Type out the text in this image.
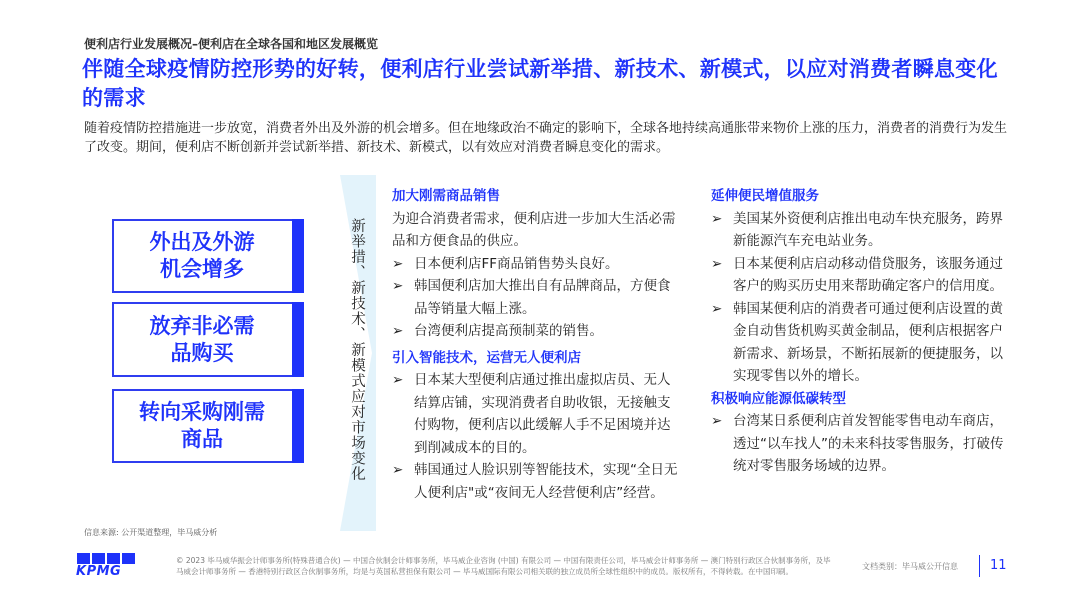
便利店行业发展概况–便利店在全球各国和地区发展概览
伴随全球疫情防控形势的好转，便利店行业尝试新举措、新技术、新模式，以应对消费者瞬息变化的需求
随着疫情防控措施进一步放宽，消费者外出及外游的机会增多。但在地缘政治不确定的影响下，全球各地持续高通胀带来物价上涨的压力，消费者的消费行为发生了改变。期间，便利店不断创新并尝试新举措、新技术、新模式，以有效应对消费者瞬息变化的需求。
新举措、新技术、新模式应对市场变化
外出及外游
机会增多
放弃非必需
品购买
转向采购刚需
商品
加大刚需商品销售
为迎合消费者需求，便利店进一步加大生活必需品和方便食品的供应。
➢ 日本便利店FF商品销售势头良好。
➢ 韩国便利店加大推出自有品牌商品，方便食品等销量大幅上涨。
➢ 台湾便利店提高预制菜的销售。
引入智能技术，运营无人便利店
➢ 日本某大型便利店通过推出虚拟店员、无人结算店铺，实现消费者自助收银，无接触支付购物，便利店以此缓解人手不足困境并达到削减成本的目的。
➢ 韩国通过人脸识别等智能技术，实现“全日无人便利店"或“夜间无人经营便利店”经营。
延伸便民增值服务
➢ 美国某外资便利店推出电动车快充服务，跨界新能源汽车充电站业务。
➢ 日本某便利店启动移动借贷服务，该服务通过客户的购买历史用来帮助确定客户的信用度。
➢ 韩国某便利店的消费者可通过便利店设置的黄金自动售货机购买黄金制品，便利店根据客户新需求、新场景，不断拓展新的便捷服务，以实现零售以外的增长。
积极响应能源低碳转型
➢ 台湾某日系便利店首发智能零售电动车商店，透过“以车找人”的未来科技零售服务，打破传统对零售服务场域的边界。
信息来源: 公开渠道整理，毕马威分析
KPMG
© 2023 毕马威华振会计师事务所(特殊普通合伙) — 中国合伙制会计师事务所，毕马威企业咨询 (中国) 有限公司 — 中国有限责任公司，毕马威会计师事务所 — 澳门特别行政区合伙制事务所，及毕马威会计师事务所 — 香港特别行政区合伙制事务所，均是与英国私营担保有限公司 — 毕马威国际有限公司相关联的独立成员所全球性组织中的成员。版权所有，不得转载。在中国印刷。
文档类别：毕马威公开信息 11
